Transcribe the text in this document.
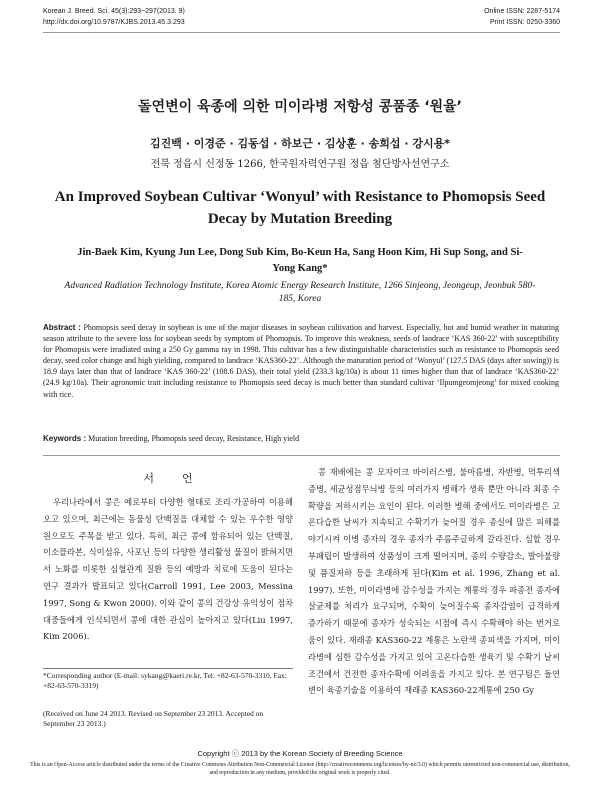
Korean J. Breed. Sci. 45(3):293~297(2013. 9)
http://dx.doi.org/10.9787/KJBS.2013.45.3.293
Online ISSN: 2287-5174
Print ISSN: 0250-3360
돌연변이 육종에 의한 미이라병 저항성 콩품종 ‘원율’
김진백 · 이경준 · 김동섭 · 하보근 · 김상훈 · 송희섭 · 강시용*
전북 정읍시 신정동 1266, 한국원자력연구원 정읍 첨단방사선연구소
An Improved Soybean Cultivar ‘Wonyul’ with Resistance to Phomopsis Seed Decay by Mutation Breeding
Jin-Baek Kim, Kyung Jun Lee, Dong Sub Kim, Bo-Keun Ha, Sang Hoon Kim, Hi Sup Song, and Si-Yong Kang*
Advanced Radiation Technology Institute, Korea Atomic Energy Research Institute, 1266 Sinjeong, Jeongeup, Jeonbuk 580-185, Korea
Abstract : Phomopsis seed decay in soybean is one of the major diseases in soybean cultivation and harvest. Especially, hot and humid weather in maturing season attribute to the severe loss for soybean seeds by symptom of Phomopsis. To improve this weakness, seeds of landrace ‘KAS 360-22’ with susceptibility for Phomopsis were irradiated using a 250 Gy gamma ray in 1998. This cultivar has a few distinguishable characteristics such as resistance to Phomopsis seed decay, seed color change and high yielding, compared to landrace ‘KAS360-22’. Although the maturation period of ‘Wonyul’ (127.5 DAS (days after sowing)) is 18.9 days later than that of landrace ‘KAS 360-22’ (108.6 DAS), their total yield (233.3 kg/10a) is about 11 times higher than that of landrace ‘KAS360-22’ (24.9 kg/10a). Their agronomic trait including resistance to Phomopsis seed decay is much better than standard cultivar ‘Ilpumgeomjeong’ for mixed cooking with rice.
Keywords : Mutation breeding, Phomopsis seed decay, Resistance, High yield
서        언

우리나라에서 콩은 예로부터 다양한 형태로 조리·가공하여 이용해오고 있으며, 최근에는 동물성 단백질을 대체할 수 있는 우수한 영양원으로도 주목을 받고 있다. 특히, 최근 콩에 함유되어 있는 단백질, 이소플라본, 식이섬유, 사포닌 등의 다양한 생리활성 물질이 밝혀지면서 노화를 비롯한 심혈관계 질환 등의 예방과 치료에 도움이 된다는 연구 결과가 발표되고 있다(Carroll 1991, Lee 2003, Messina 1997, Song & Kwon 2000). 이와 같이 콩의 건강상 유익성이 점차 대중들에게 인식되면서 콩에 대한 관심이 높아지고 있다(Liu 1997, Kim 2006).

콩 재배에는 콩 모자이크 바이러스병, 불마름병, 자반병, 먹투리색증병, 세균성점무늬병 등의 여러가지 병해가 생육 뿐만 아니라 최종 수확량을 저하시키는 요인이 된다. 이러한 병해 중에서도 미이라병은 고온다습한 날씨가 지속되고 수확기가 늦어질 경우 종실에 많은 피해를 야기시켜 이병 종자의 경우 종자가 주름주글하게 갈라진다. 심할 경우 부패립이 발생하여 상품성이 크게 떨어지며, 종의 수량감소, 발아불량 및 품질저하 등을 초래하게 된다(Kim et al. 1996, Zhang et al. 1997). 또한, 미이라병에 감수성을 가지는 계통의 경우 파종전 종자에 살균제를 처리가 요구되며, 수확이 늦어질수록 종자감염이 급격하게 증가하기 때문에 종자가 성숙되는 시점에 즉시 수확해야 하는 번거로움이 있다. 재래종 KAS360-22 계통은 노란색 종피색을 가지며, 미이라병에 심한 감수성을 가지고 있어 고온다습한 생육기 및 수확기 날씨조건에서 건전한 종자수확에 어려움을 가지고 있다. 본 연구팀은 돌연변이 육종기술을 이용하여 재래종 KAS360-22계통에 250 Gy

*Corresponding author (E-mail: sykang@kaeri.re.kr, Tel: +82-63-570-3310, Fax: +82-63-570-3319)
(Received on June 24 2013. Revised on September 23 2013. Accepted on September 23 2013.)
Copyright ⓒ 2013 by the Korean Society of Breeding Science
This is an Open-Access article distributed under the terms of the Creative Commons Attribution Non-Commercial License (http://creativecommons.org/licenses/by-nc/3.0) which permits unrestricted non-commercial use, distribution, and reproduction in any medium, provided the original work is properly cited.
